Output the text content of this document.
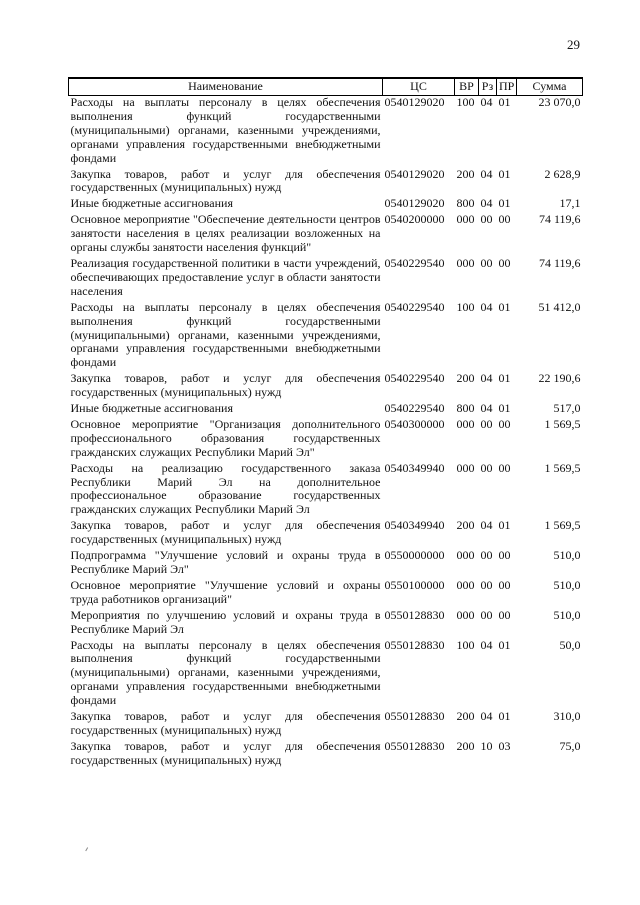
29
Наименование	ЦС	ВР	Рз	ПР	Сумма
Расходы на выплаты персоналу в целях обеспечения выполнения функций государственными (муниципальными) органами, казенными учреждениями, органами управления государственными внебюджетными фондами	0540129020	100	04	01	23 070,0
Закупка товаров, работ и услуг для обеспечения государственных (муниципальных) нужд	0540129020	200	04	01	2 628,9
Иные бюджетные ассигнования	0540129020	800	04	01	17,1
Основное мероприятие "Обеспечение деятельности центров занятости населения в целях реализации возложенных на органы службы занятости населения функций"	0540200000	000	00	00	74 119,6
Реализация государственной политики в части учреждений, обеспечивающих предоставление услуг в области занятости населения	0540229540	000	00	00	74 119,6
Расходы на выплаты персоналу в целях обеспечения выполнения функций государственными (муниципальными) органами, казенными учреждениями, органами управления государственными внебюджетными фондами	0540229540	100	04	01	51 412,0
Закупка товаров, работ и услуг для обеспечения государственных (муниципальных) нужд	0540229540	200	04	01	22 190,6
Иные бюджетные ассигнования	0540229540	800	04	01	517,0
Основное мероприятие "Организация дополнительного профессионального образования государственных гражданских служащих Республики Марий Эл"	0540300000	000	00	00	1 569,5
Расходы на реализацию государственного заказа Республики Марий Эл на дополнительное профессиональное образование государственных гражданских служащих Республики Марий Эл	0540349940	000	00	00	1 569,5
Закупка товаров, работ и услуг для обеспечения государственных (муниципальных) нужд	0540349940	200	04	01	1 569,5
Подпрограмма "Улучшение условий и охраны труда в Республике Марий Эл"	0550000000	000	00	00	510,0
Основное мероприятие "Улучшение условий и охраны труда работников организаций"	0550100000	000	00	00	510,0
Мероприятия по улучшению условий и охраны труда в Республике Марий Эл	0550128830	000	00	00	510,0
Расходы на выплаты персоналу в целях обеспечения выполнения функций государственными (муниципальными) органами, казенными учреждениями, органами управления государственными внебюджетными фондами	0550128830	100	04	01	50,0
Закупка товаров, работ и услуг для обеспечения государственных (муниципальных) нужд	0550128830	200	04	01	310,0
Закупка товаров, работ и услуг для обеспечения государственных (муниципальных) нужд	0550128830	200	10	03	75,0
